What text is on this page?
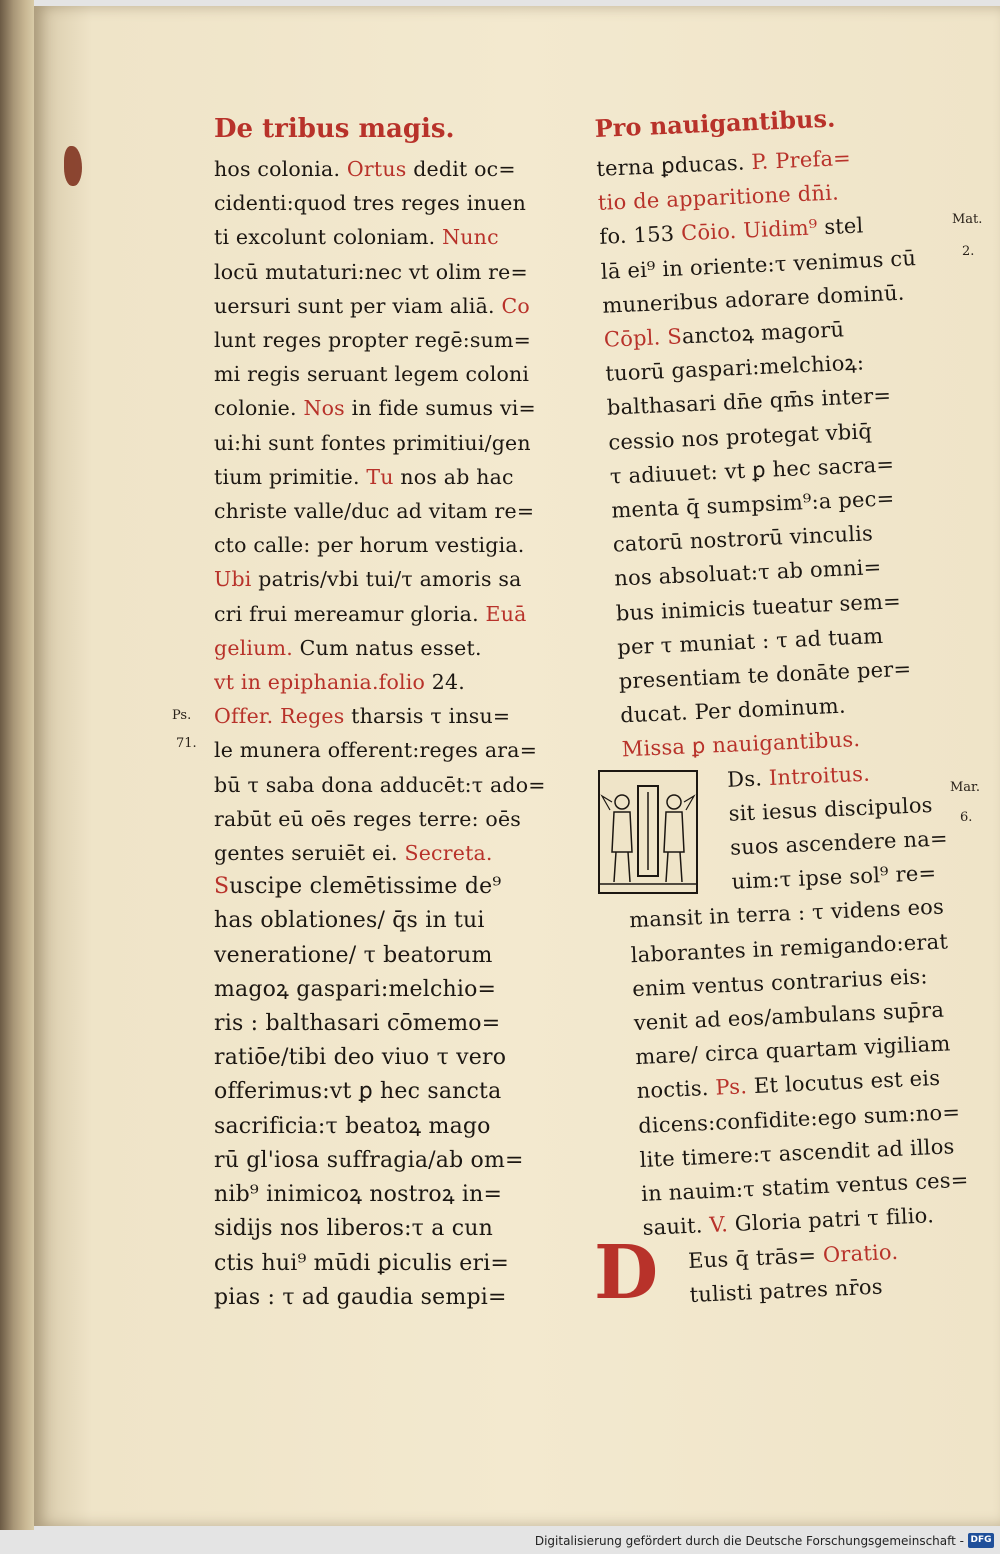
De tribus magis.
hos colonia. Ortus dedit oc=
cidenti:quod tres reges inuen
ti excolunt coloniam. Nunc
locū mutaturi:nec vt olim re=
uersuri sunt per viam aliā. Co
lunt reges propter regē:sum=
mi regis seruant legem coloni
colonie. Nos in fide sumus vi=
ui:hi sunt fontes primitiui/gen
tium primitie. Tu nos ab hac
christe valle/duc ad vitam re=
cto calle: per horum vestigia.
Ubi patris/vbi tui/τ amoris sa
cri frui mereamur gloria. Euā
gelium. Cum natus esset.
vt in epiphania.folio 24.
Offer. Reges tharsis τ insu=
le munera offerent:reges ara=
bū τ saba dona adducēt:τ ado=
rabūt eū oēs reges terre: oēs
gentes seruiēt ei. Secreta.
Suscipe clemētissime de⁹
has oblationes/ q̄s in tui
veneratione/ τ beatorum
magoꝝ gaspari:melchio=
ris : balthasari cōmemo=
ratiōe/tibi deo viuo τ vero
offerimus:vt ꝑ hec sancta
sacrificia:τ beatoꝝ mago
rū gl'iosa suffragia/ab om=
nib⁹ inimicoꝝ nostroꝝ in=
sidijs nos liberos:τ a cun
ctis hui⁹ mūdi ꝑiculis eri=
pias : τ ad gaudia sempi=
Ps.
71.
Pro nauigantibus.
terna ꝑducas. P. Prefa=
tio de apparitione dn̄i.
fo. 153 Cōio. Uidim⁹ stel
lā ei⁹ in oriente:τ venimus cū
muneribus adorare dominū.
Cōpl. Sanctoꝝ magorū
tuorū gaspari:melchioꝝ:
balthasari dn̄e qm̄s inter=
cessio nos protegat vbiq̄
τ adiuuet: vt ꝑ hec sacra=
menta q̄ sumpsim⁹:a pec=
catorū nostrorū vinculis
nos absoluat:τ ab omni=
bus inimicis tueatur sem=
per τ muniat : τ ad tuam
presentiam te donāte per=
ducat. Per dominum.
Missa ꝑ nauigantibus.
Ds. Introitus.
sit iesus discipulos
suos ascendere na=
uim:τ ipse sol⁹ re=
mansit in terra : τ videns eos
laborantes in remigando:erat
enim ventus contrarius eis:
venit ad eos/ambulans sup̄ra
mare/ circa quartam vigiliam
noctis. Ps. Et locutus est eis
dicens:confidite:ego sum:no=
lite timere:τ ascendit ad illos
in nauim:τ statim ventus ces=
sauit. V. Gloria patri τ filio.
Eus q̄ trās= Oratio.
tulisti patres nr̄os
Mat.
2.
Mar.
6.
D
Digitalisierung gefördert durch die Deutsche Forschungsgemeinschaft - DFG
